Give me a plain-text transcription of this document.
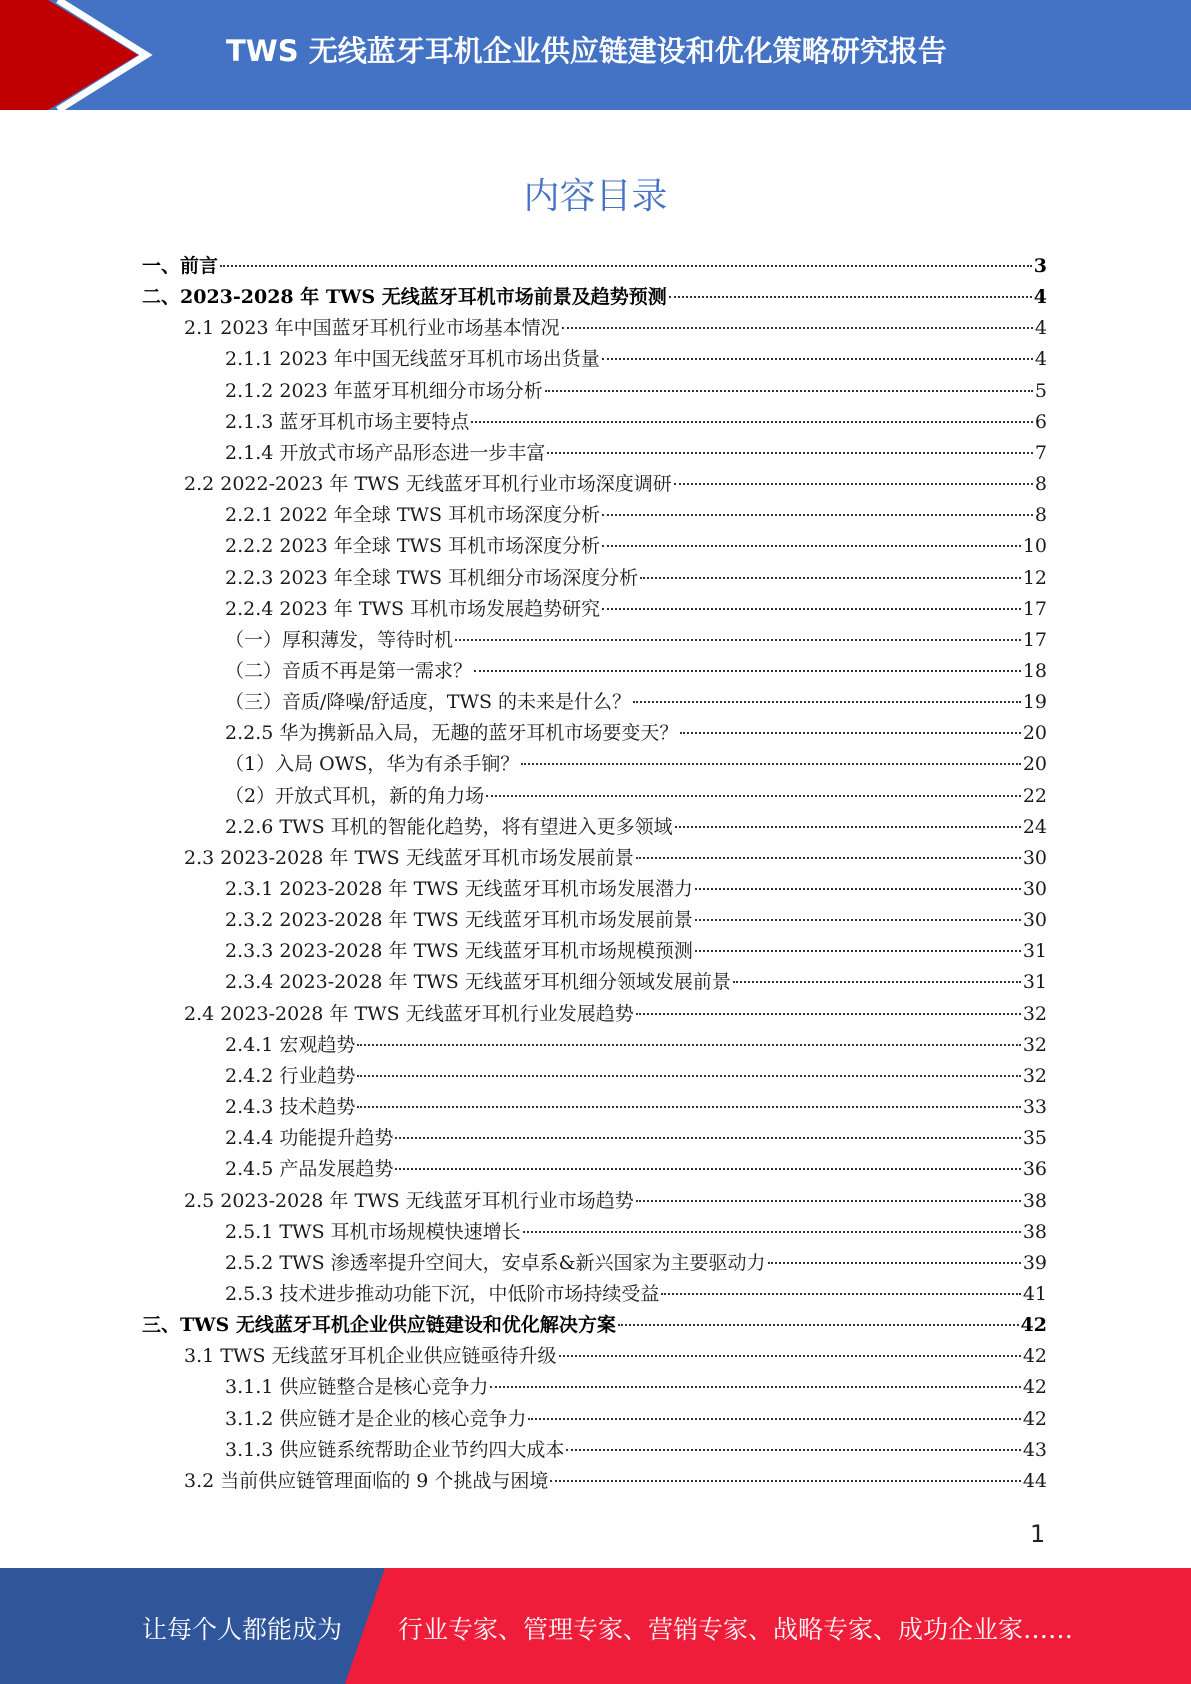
TWS 无线蓝牙耳机企业供应链建设和优化策略研究报告
内容目录
一、前言	3
二、2023-2028 年 TWS 无线蓝牙耳机市场前景及趋势预测	4
2.1 2023 年中国蓝牙耳机行业市场基本情况	4
2.1.1 2023 年中国无线蓝牙耳机市场出货量	4
2.1.2 2023 年蓝牙耳机细分市场分析	5
2.1.3 蓝牙耳机市场主要特点	6
2.1.4 开放式市场产品形态进一步丰富	7
2.2 2022-2023 年 TWS 无线蓝牙耳机行业市场深度调研	8
2.2.1 2022 年全球 TWS 耳机市场深度分析	8
2.2.2 2023 年全球 TWS 耳机市场深度分析	10
2.2.3 2023 年全球 TWS 耳机细分市场深度分析	12
2.2.4 2023 年 TWS 耳机市场发展趋势研究	17
（一）厚积薄发，等待时机	17
（二）音质不再是第一需求？	18
（三）音质/降噪/舒适度，TWS 的未来是什么？	19
2.2.5 华为携新品入局，无趣的蓝牙耳机市场要变天？	20
（1）入局 OWS，华为有杀手锏？	20
（2）开放式耳机，新的角力场	22
2.2.6 TWS 耳机的智能化趋势，将有望进入更多领域	24
2.3 2023-2028 年 TWS 无线蓝牙耳机市场发展前景	30
2.3.1 2023-2028 年 TWS 无线蓝牙耳机市场发展潜力	30
2.3.2 2023-2028 年 TWS 无线蓝牙耳机市场发展前景	30
2.3.3 2023-2028 年 TWS 无线蓝牙耳机市场规模预测	31
2.3.4 2023-2028 年 TWS 无线蓝牙耳机细分领域发展前景	31
2.4 2023-2028 年 TWS 无线蓝牙耳机行业发展趋势	32
2.4.1 宏观趋势	32
2.4.2 行业趋势	32
2.4.3 技术趋势	33
2.4.4 功能提升趋势	35
2.4.5 产品发展趋势	36
2.5 2023-2028 年 TWS 无线蓝牙耳机行业市场趋势	38
2.5.1 TWS 耳机市场规模快速增长	38
2.5.2 TWS 渗透率提升空间大，安卓系&新兴国家为主要驱动力	39
2.5.3 技术进步推动功能下沉，中低阶市场持续受益	41
三、TWS 无线蓝牙耳机企业供应链建设和优化解决方案	42
3.1 TWS 无线蓝牙耳机企业供应链亟待升级	42
3.1.1 供应链整合是核心竞争力	42
3.1.2 供应链才是企业的核心竞争力	42
3.1.3 供应链系统帮助企业节约四大成本	43
3.2 当前供应链管理面临的 9 个挑战与困境	44
1
让每个人都能成为 行业专家、管理专家、营销专家、战略专家、成功企业家……
